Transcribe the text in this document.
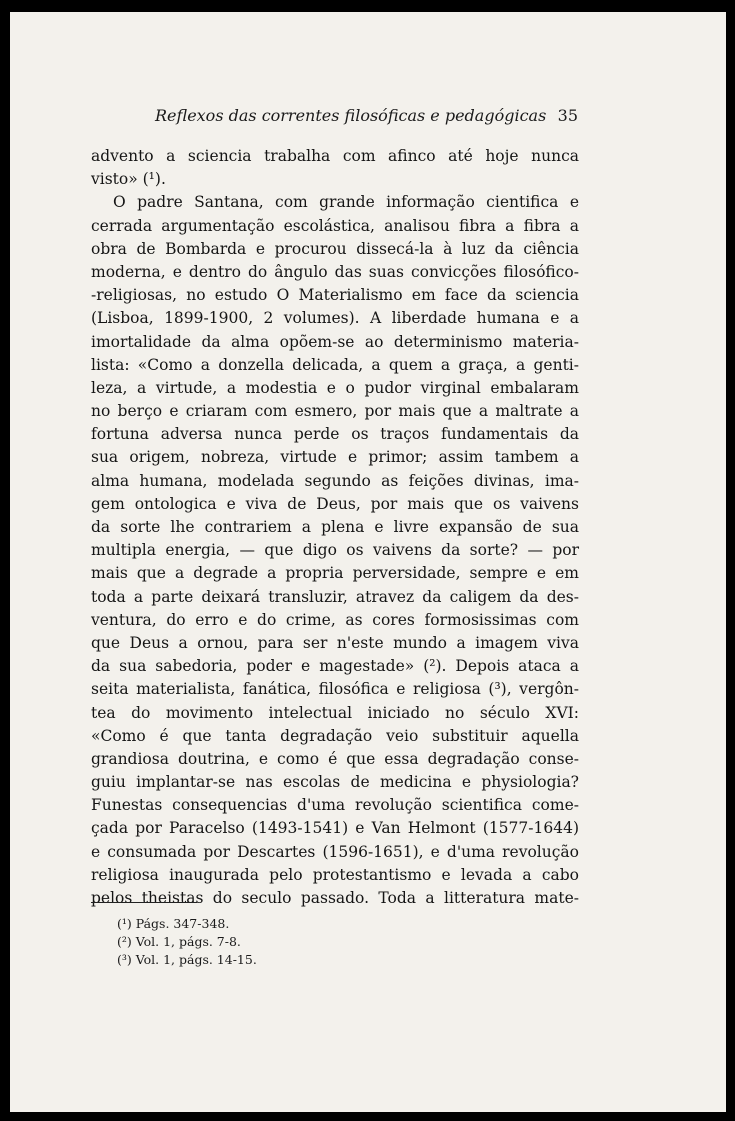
Reflexos das correntes filosóficas e pedagógicas 35
advento a sciencia trabalha com afinco até hoje nunca
visto» (¹).
O padre Santana, com grande informação cientifica e
cerrada argumentação escolástica, analisou fibra a fibra a
obra de Bombarda e procurou dissecá-la à luz da ciência
moderna, e dentro do ângulo das suas convicções filosófico-
-religiosas, no estudo O Materialismo em face da sciencia
(Lisboa, 1899-1900, 2 volumes). A liberdade humana e a
imortalidade da alma opõem-se ao determinismo materia-
lista: «Como a donzella delicada, a quem a graça, a genti-
leza, a virtude, a modestia e o pudor virginal embalaram
no berço e criaram com esmero, por mais que a maltrate a
fortuna adversa nunca perde os traços fundamentais da
sua origem, nobreza, virtude e primor; assim tambem a
alma humana, modelada segundo as feições divinas, ima-
gem ontologica e viva de Deus, por mais que os vaivens
da sorte lhe contrariem a plena e livre expansão de sua
multipla energia, — que digo os vaivens da sorte? — por
mais que a degrade a propria perversidade, sempre e em
toda a parte deixará transluzir, atravez da caligem da des-
ventura, do erro e do crime, as cores formosissimas com
que Deus a ornou, para ser n'este mundo a imagem viva
da sua sabedoria, poder e magestade» (²). Depois ataca a
seita materialista, fanática, filosófica e religiosa (³), vergôn-
tea do movimento intelectual iniciado no século XVI:
«Como é que tanta degradação veio substituir aquella
grandiosa doutrina, e como é que essa degradação conse-
guiu implantar-se nas escolas de medicina e physiologia?
Funestas consequencias d'uma revolução scientifica come-
çada por Paracelso (1493-1541) e Van Helmont (1577-1644)
e consumada por Descartes (1596-1651), e d'uma revolução
religiosa inaugurada pelo protestantismo e levada a cabo
pelos theistas do seculo passado. Toda a litteratura mate-
(¹) Págs. 347-348.
(²) Vol. 1, págs. 7-8.
(³) Vol. 1, págs. 14-15.
